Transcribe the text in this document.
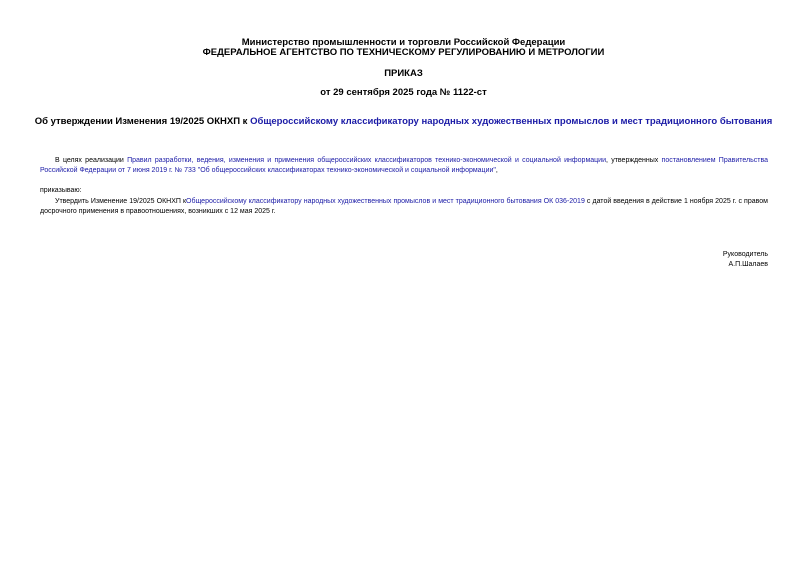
Министерство промышленности и торговли Российской Федерации
ФЕДЕРАЛЬНОЕ АГЕНТСТВО ПО ТЕХНИЧЕСКОМУ РЕГУЛИРОВАНИЮ И МЕТРОЛОГИИ
ПРИКАЗ
от 29 сентября 2025 года № 1122-ст
Об утверждении Изменения 19/2025 ОКНХП к Общероссийскому классификатору народных художественных промыслов и мест традиционного бытования
В целях реализации Правил разработки, ведения, изменения и применения общероссийских классификаторов технико-экономической и социальной информации, утвержденных постановлением Правительства Российской Федерации от 7 июня 2019 г. № 733 "Об общероссийских классификаторах технико-экономической и социальной информации",
приказываю:
Утвердить Изменение 19/2025 ОКНХП кОбщероссийскому классификатору народных художественных промыслов и мест традиционного бытования ОК 036-2019 с датой введения в действие 1 ноября 2025 г. с правом досрочного применения в правоотношениях, возникших с 12 мая 2025 г.
Руководитель
А.П.Шалаев
